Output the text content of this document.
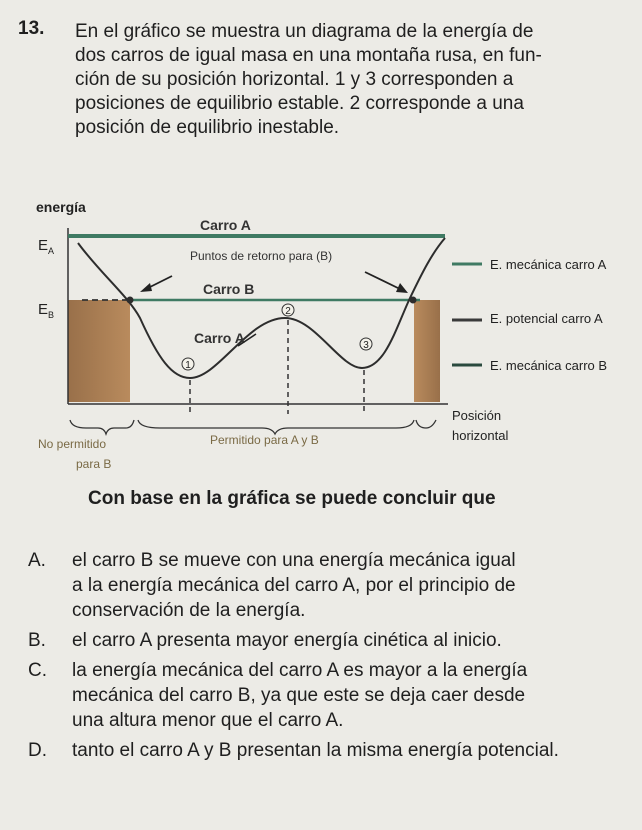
13. En el gráfico se muestra un diagrama de la energía de

dos carros de igual masa en una montaña rusa, en fun-

ción de su posición horizontal. 1 y 3 corresponden a

posiciones de equilibrio estable. 2 corresponde a una

posición de equilibrio inestable.

energía
$E_A$
$E_B$
Carro A
Carro B
Puntos de retorno para (B)
Carro A
1
2
3
Posición
horizontal
No permitido
para B
Permitido para A y B
E. mecánica carro A
E. potencial carro A
E. mecánica carro B
Con base en la gráfica se puede concluir que
A.	el carro B se mueve con una energía mecánica igual

a la energía mecánica del carro A, por el principio de

conservación de la energía.

B.	el carro A presenta mayor energía cinética al inicio.

C.	la energía mecánica del carro A es mayor a la energía

mecánica del carro B, ya que este se deja caer desde

una altura menor que el carro A.

D.	tanto el carro A y B presentan la misma energía potencial.
